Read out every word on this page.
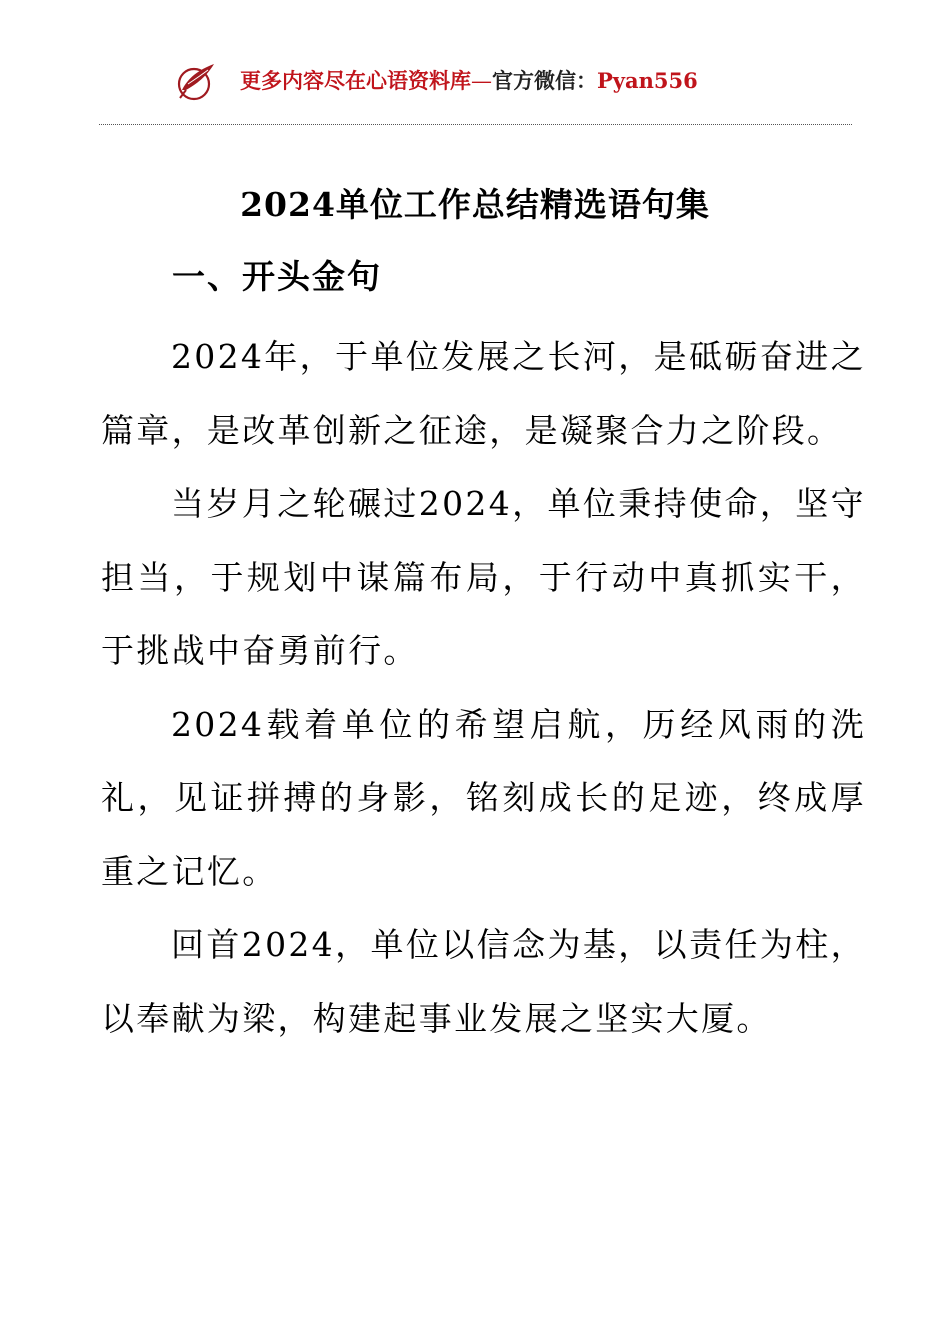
更多内容尽在心语资料库—官方微信：Pyan556
2024单位工作总结精选语句集
一、开头金句

2024年，于单位发展之长河，是砥砺奋进之篇章，是改革创新之征途，是凝聚合力之阶段。

当岁月之轮碾过2024，单位秉持使命，坚守担当，于规划中谋篇布局，于行动中真抓实干，于挑战中奋勇前行。

2024载着单位的希望启航，历经风雨的洗礼，见证拼搏的身影，铭刻成长的足迹，终成厚重之记忆。

回首2024，单位以信念为基，以责任为柱，以奉献为梁，构建起事业发展之坚实大厦。
